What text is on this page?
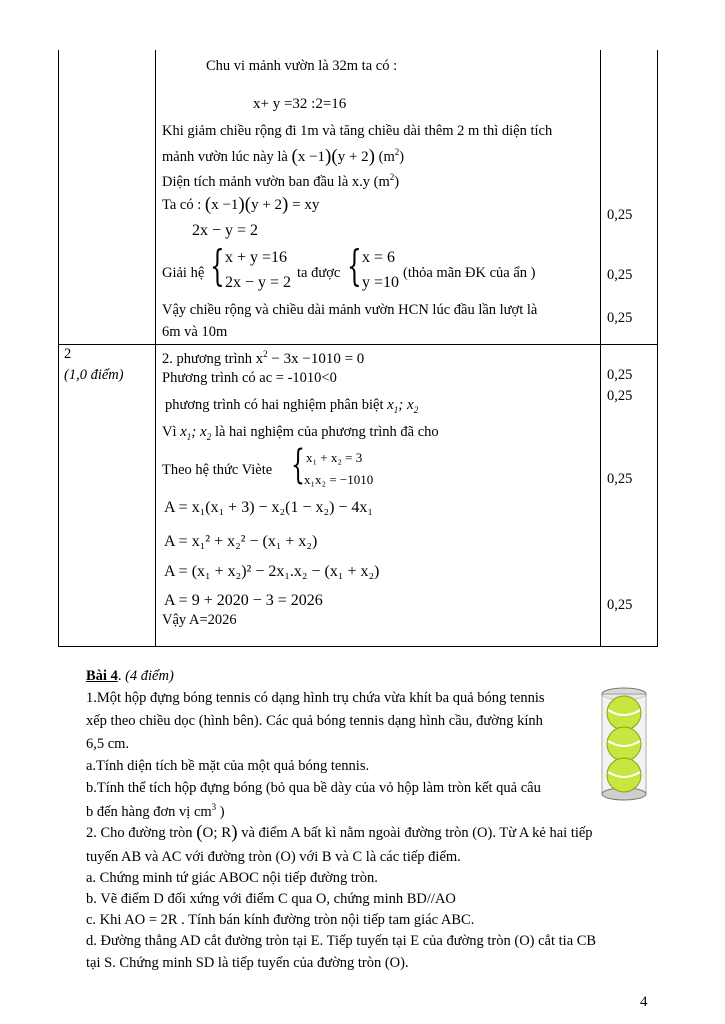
Chu vi mảnh vườn là 32m ta có :
x+ y =32 :2=16
Khi giảm chiều rộng đi 1m và tăng chiều dài thêm 2 m thì diện tích
mảnh vườn lúc này là (x −1)(y + 2) $(m^2)$
Diện tích mảnh vườn ban đầu là x.y $(m^2)$
Ta có : (x −1)(y + 2) = xy
2x − y = 2
Giải hệ { x + y =16
2x − y = 2
ta được { x = 6
y =10
(thỏa mãn ĐK của ẩn )
Vậy chiều rộng và chiều dài mảnh vườn HCN lúc đầu lần lượt là
6m và 10m
0,25
0,25
0,25
2
(1,0 điểm)
2. phương trình $x^2 - 3x -1010 = 0$
Phương trình có ac = -1010<0
phương trình có hai nghiệm phân biệt $x_1$; $x_2$
Vì $x_1$; $x_2$ là hai nghiệm của phương trình đã cho
Theo hệ thức Viète { x₁ + x₂ = 3
x₁x₂ = −1010
A = x₁(x₁ + 3) − x₂(1 − x₂) − 4x₁
A = x₁² + x₂² − (x₁ + x₂)
A = (x₁ + x₂)² − 2x₁.x₂ − (x₁ + x₂)
A = 9 + 2020 − 3 = 2026
Vậy A=2026
0,25
0,25
0,25
0,25
Bài 4. (4 điểm)
1.Một hộp đựng bóng tennis có dạng hình trụ chứa vừa khít ba quả bóng tennis
xếp theo chiều dọc (hình bên). Các quả bóng tennis dạng hình cầu, đường kính
6,5 cm.
a.Tính diện tích bề mặt của một quả bóng tennis.
b.Tính thể tích hộp đựng bóng (bỏ qua bề dày của vỏ hộp làm tròn kết quả câu
b đến hàng đơn vị $cm^3$ )
2. Cho đường tròn (O; R) và điểm A bất kì nằm ngoài đường tròn (O). Từ A kẻ hai tiếp
tuyến AB và AC với đường tròn (O) với B và C là các tiếp điểm.
a. Chứng minh tứ giác ABOC nội tiếp đường tròn.
b. Vẽ điểm D đối xứng với điểm C qua O, chứng minh BD//AO
c. Khi AO = 2R . Tính bán kính đường tròn nội tiếp tam giác ABC.
d. Đường thẳng AD cắt đường tròn tại E. Tiếp tuyến tại E của đường tròn (O) cắt tia CB
tại S. Chứng minh SD là tiếp tuyến của đường tròn (O).
4
